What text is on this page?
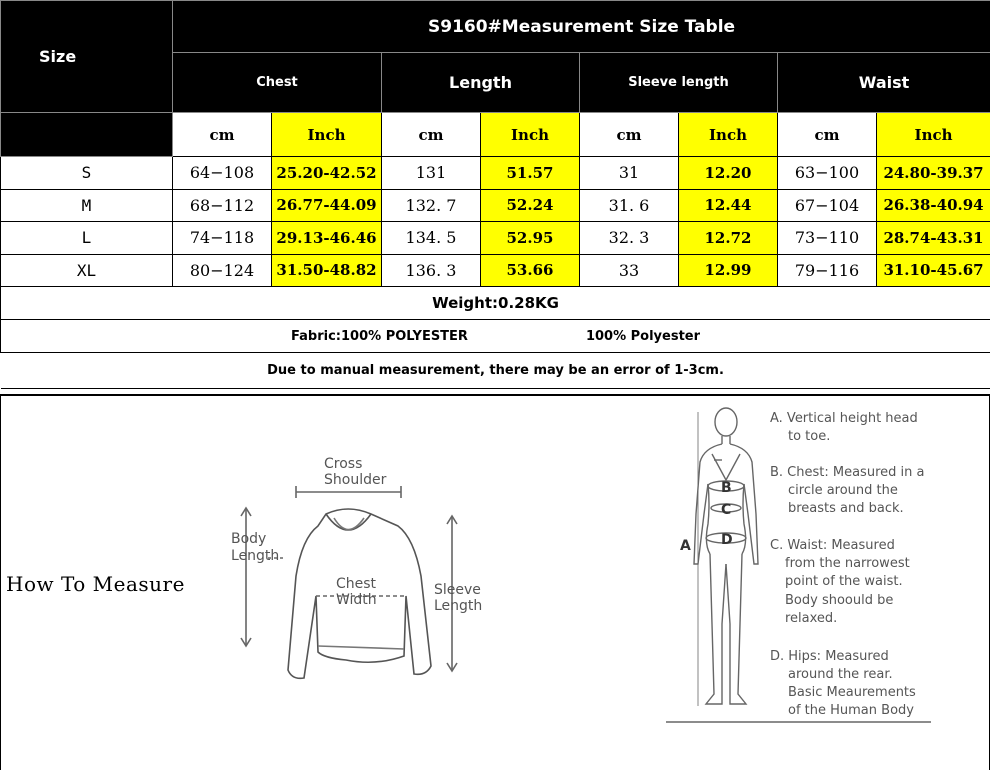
Size	S9160#Measurement Size Table							
	Chest		Length		Sleeve length		Waist	
	cm	Inch	cm	Inch	cm	Inch	cm	Inch
S	64−108	25.20-42.52	131	51.57	31	12.20	63−100	24.80-39.37
M	68−112	26.77-44.09	132. 7	52.24	31. 6	12.44	67−104	26.38-40.94
L	74−118	29.13-46.46	134. 5	52.95	32. 3	12.72	73−110	28.74-43.31
XL	80−124	31.50-48.82	136. 3	53.66	33	12.99	79−116	31.10-45.67
Weight:0.28KG								
Fabric:100% POLYESTER 100% Polyester								
Due to manual measurement, there may be an error of 1-3cm.								
How To Measure
Cross
Shoulder
Body
Length
Chest
Width
Sleeve
Length
A
B
C
D
A. Vertical height head
to toe.
B. Chest: Measured in a
circle around the
breasts and back.
C. Waist: Measured
from the narrowest
point of the waist.
Body shoould be
relaxed.
D. Hips: Measured
around the rear.
Basic Meaurements
of the Human Body
